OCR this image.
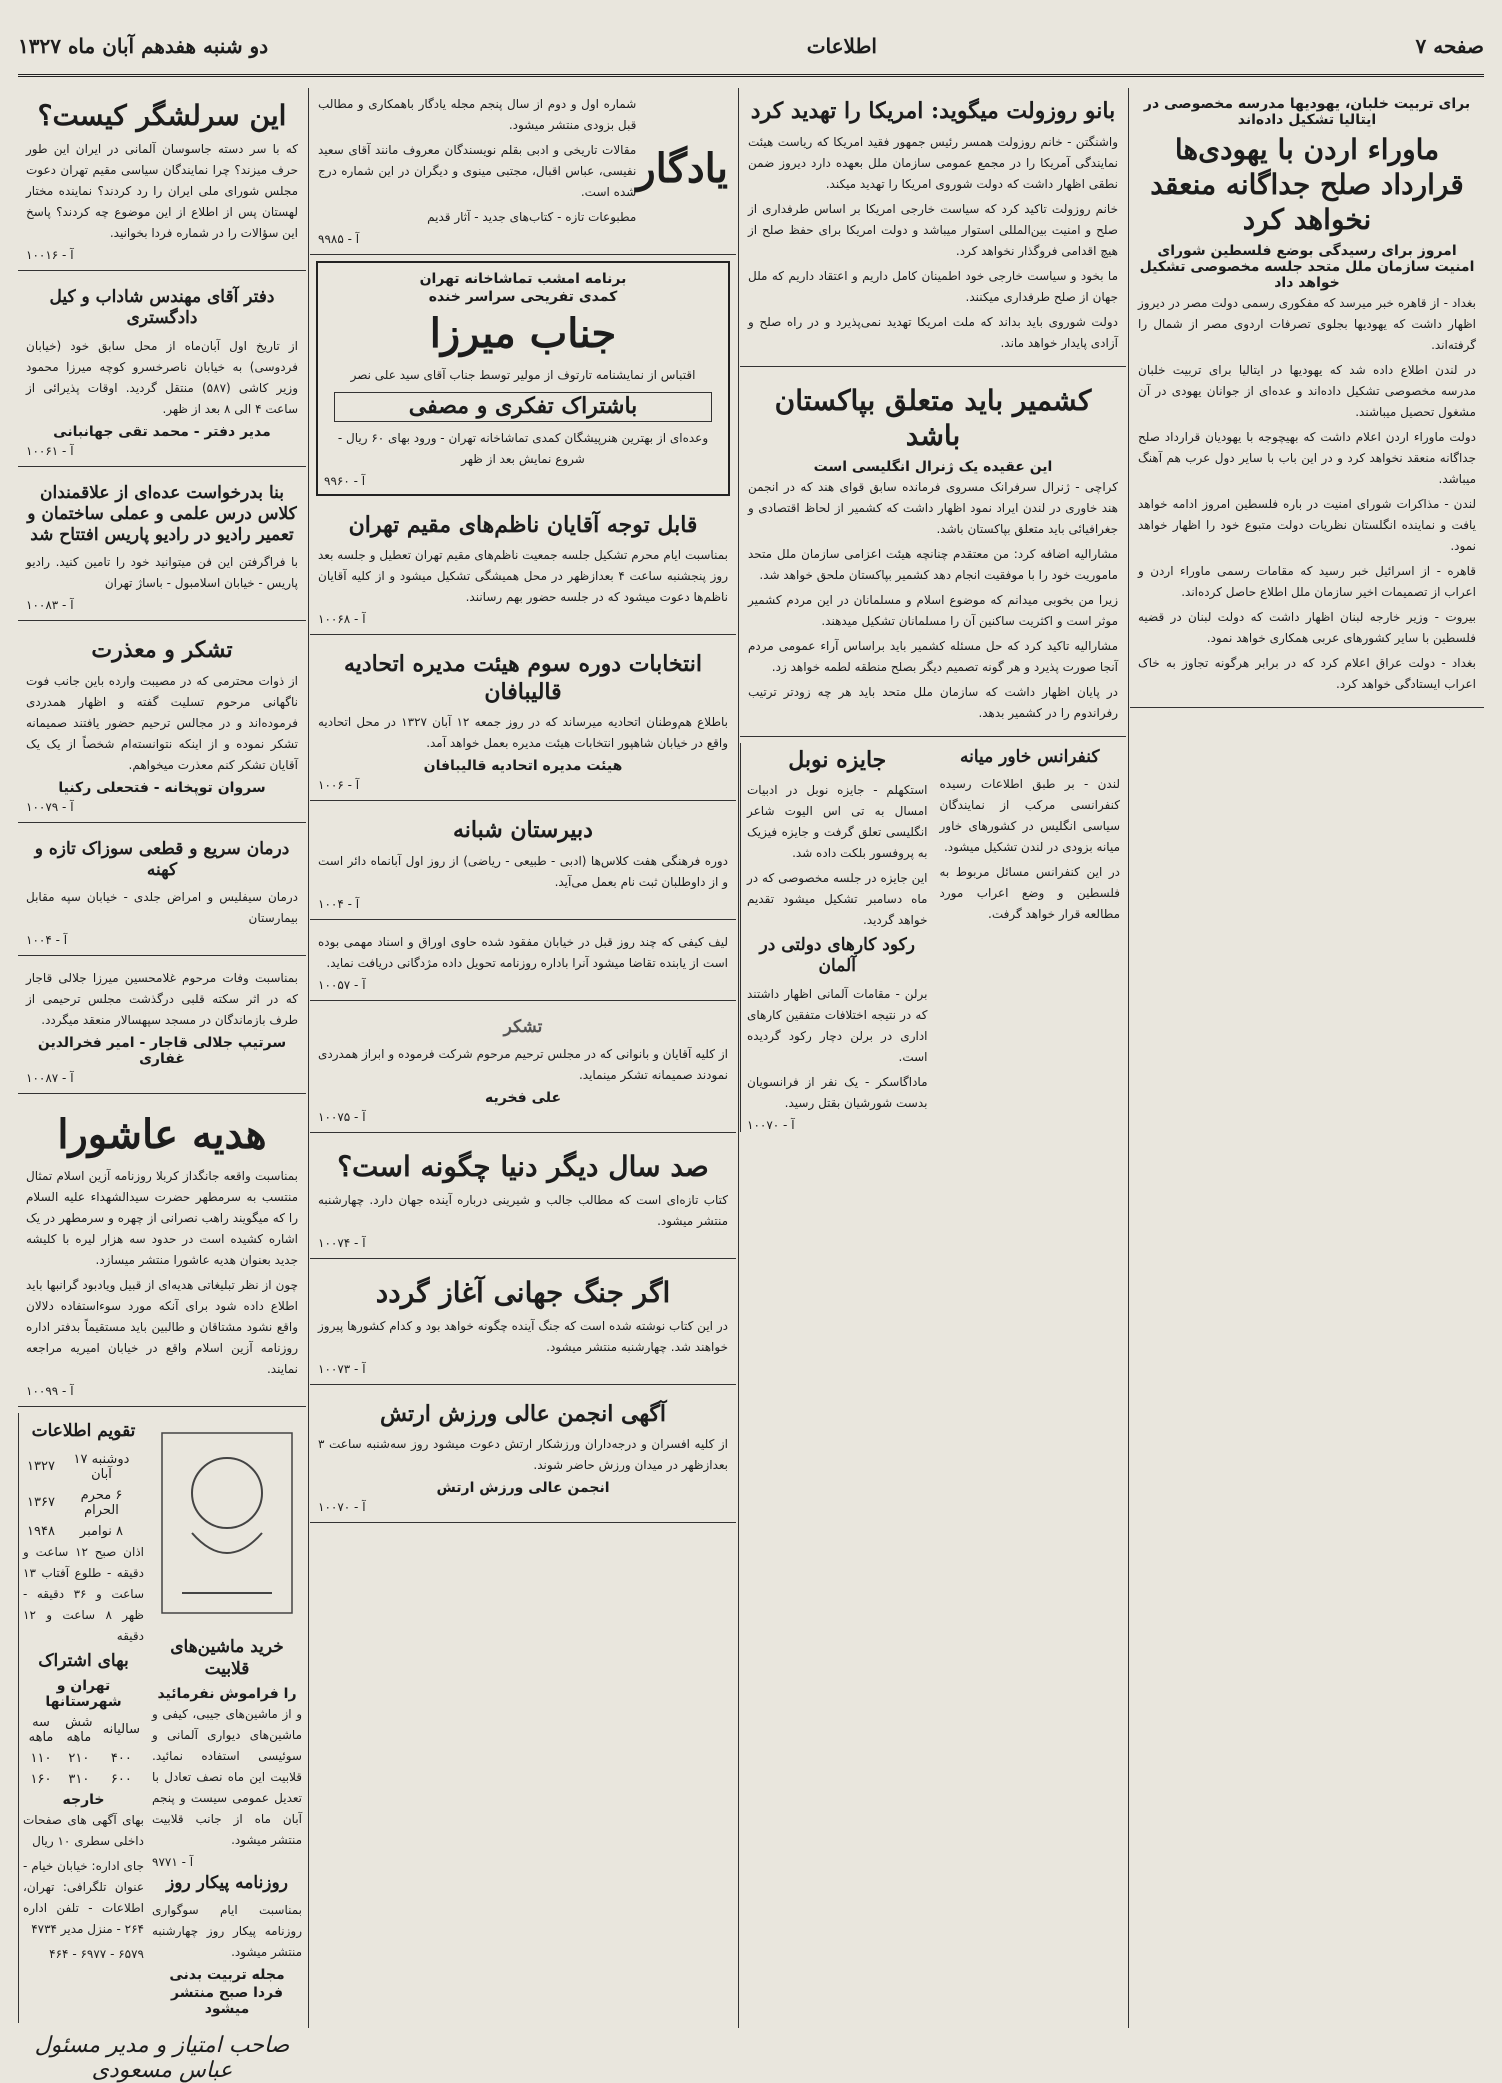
صفحه ۷
اطلاعات
دو شنبه هفدهم آبان ماه ۱۳۲۷
این سرلشگر کیست؟

که با سر دسته جاسوسان آلمانی در ایران این طور حرف میزند؟ چرا نمایندگان سیاسی مقیم تهران دعوت مجلس شورای ملی ایران را رد کردند؟ نماینده مختار لهستان پس از اطلاع از این موضوع چه کردند؟ پاسخ این سؤالات را در شماره فردا بخوانید.

آ - ۱۰۰۱۶
دفتر آقای مهندس شاداب و کیل دادگستری

از تاریخ اول آبان‌ماه از محل سابق خود (خیابان فردوسی) به خیابان ناصرخسرو کوچه میرزا محمود وزیر کاشی (۵۸۷) منتقل گردید. اوقات پذیرائی از ساعت ۴ الی ۸ بعد از ظهر.

مدیر دفتر - محمد تقی جهانبانی
آ - ۱۰۰۶۱
بنا بدرخواست عده‌ای از علاقمندان کلاس درس علمی و عملی ساختمان و تعمیر رادیو در رادیو پاریس افتتاح شد

با فراگرفتن این فن میتوانید خود را تامین کنید. رادیو پاریس - خیابان اسلامبول - باساژ تهران

آ - ۱۰۰۸۳
تشکر و معذرت

از ذوات محترمی که در مصیبت وارده باین جانب فوت ناگهانی مرحوم تسلیت گفته و اظهار همدردی فرموده‌اند و در مجالس ترحیم حضور یافتند صمیمانه تشکر نموده و از اینکه نتوانسته‌ام شخصاً از یک یک آقایان تشکر کنم معذرت میخواهم.

سروان توپخانه - فتحعلی رکنیا
آ - ۱۰۰۷۹
درمان سریع و قطعی سوزاک تازه و کهنه

درمان سیفلیس و امراض جلدی - خیابان سپه مقابل بیمارستان

آ - ۱۰۰۴

بمناسبت وفات مرحوم غلامحسین میرزا جلالی قاجار که در اثر سکته قلبی درگذشت مجلس ترحیمی از طرف بازماندگان در مسجد سپهسالار منعقد میگردد.

سرتیپ جلالی قاجار - امیر فخرالدین غفاری
آ - ۱۰۰۸۷
هدیه عاشورا

بمناسبت واقعه جانگداز کربلا روزنامه آزین اسلام تمثال منتسب به سرمطهر حضرت سیدالشهداء علیه السلام را که میگویند راهب نصرانی از چهره و سرمطهر در یک اشاره کشیده است در حدود سه هزار لیره با کلیشه جدید بعنوان هدیه عاشورا منتشر میسازد.

چون از نظر تبلیغاتی هدیه‌ای از قبیل ویادبود گرانبها باید اطلاع داده شود برای آنکه مورد سوءاستفاده دلالان واقع نشود مشتاقان و طالبین باید مستقیماً بدفتر اداره روزنامه آزین اسلام واقع در خیابان امیریه مراجعه نمایند.

آ - ۱۰۰۹۹
تقویم اطلاعات
دوشنبه ۱۷ آبان	۱۳۲۷
۶ محرم الحرام	۱۳۶۷
۸ نوامبر	۱۹۴۸

اذان صبح ۱۲ ساعت و دقیقه - طلوع آفتاب ۱۳ ساعت و ۳۶ دقیقه - ظهر ۸ ساعت و ۱۲ دقیقه

بهای اشتراک
تهران و شهرستانها
سالیانه	شش ماهه	سه ماهه
۴۰۰	۲۱۰	۱۱۰
۶۰۰	۳۱۰	۱۶۰
خارجه

بهای آگهی های صفحات داخلی سطری ۱۰ ریال

جای اداره: خیابان خیام - عنوان تلگرافی: تهران، اطلاعات - تلفن اداره ۲۶۴ - منزل مدیر ۴۷۳۴

۶۵۷۹ - ۶۹۷۷ - ۴۶۴

خرید ماشین‌های قلابیت
را فراموش نفرمائید

و از ماشین‌های جیبی، کیفی و ماشین‌های دیواری آلمانی و سوئیسی استفاده نمائید. قلابیت این ماه نصف تعادل با تعدیل عمومی سیست و پنجم آبان ماه از جانب قلابیت منتشر میشود.

آ - ۹۷۷۱
روزنامه پیکار روز

بمناسبت ایام سوگواری روزنامه پیکار روز چهارشنبه منتشر میشود.

مجله تربیت بدنی
فردا صبح منتشر میشود
صاحب امتیاز و مدیر مسئول عباس مسعودی
یادگار

شماره اول و دوم از سال پنجم مجله یادگار باهمکاری و مطالب قبل بزودی منتشر میشود.

مقالات تاریخی و ادبی بقلم نویسندگان معروف مانند آقای سعید نفیسی، عباس اقبال، مجتبی مینوی و دیگران در این شماره درج شده است.

مطبوعات تازه - کتاب‌های جدید - آثار قدیم

آ - ۹۹۸۵
برنامه امشب تماشاخانه تهران
کمدی تفریحی سراسر خنده
جناب میرزا

اقتباس از نمایشنامه تارتوف از مولیر توسط جناب آقای سید علی نصر

باشتراک تفکری و مصفی

وعده‌ای از بهترین هنرپیشگان کمدی تماشاخانه تهران - ورود بهای ۶۰ ریال - شروع نمایش بعد از ظهر

آ - ۹۹۶۰
قابل توجه آقایان ناظم‌های مقیم تهران

بمناسبت ایام محرم تشکیل جلسه جمعیت ناظم‌های مقیم تهران تعطیل و جلسه بعد روز پنجشنبه ساعت ۴ بعدازظهر در محل همیشگی تشکیل میشود و از کلیه آقایان ناظم‌ها دعوت میشود که در جلسه حضور بهم رسانند.

آ - ۱۰۰۶۸
انتخابات دوره سوم هیئت مدیره اتحادیه قالیبافان

باطلاع هم‌وطنان اتحادیه میرساند که در روز جمعه ۱۲ آبان ۱۳۲۷ در محل اتحادیه واقع در خیابان شاهپور انتخابات هیئت مدیره بعمل خواهد آمد.

هیئت مدیره اتحادیه قالیبافان
آ - ۱۰۰۶
دبیرستان شبانه

دوره فرهنگی هفت کلاس‌ها (ادبی - طبیعی - ریاضی) از روز اول آبانماه دائر است و از داوطلبان ثبت نام بعمل می‌آید.

آ - ۱۰۰۴

لیف کیفی که چند روز قبل در خیابان مفقود شده حاوی اوراق و اسناد مهمی بوده است از یابنده تقاضا میشود آنرا باداره روزنامه تحویل داده مژدگانی دریافت نماید.

آ - ۱۰۰۵۷
تشکر

از کلیه آقایان و بانوانی که در مجلس ترحیم مرحوم شرکت فرموده و ابراز همدردی نمودند صمیمانه تشکر مینماید.

علی فخریه
آ - ۱۰۰۷۵
صد سال دیگر دنیا چگونه است؟

کتاب تازه‌ای است که مطالب جالب و شیرینی درباره آینده جهان دارد. چهارشنبه منتشر میشود.

آ - ۱۰۰۷۴
اگر جنگ جهانی آغاز گردد

در این کتاب نوشته شده است که جنگ آینده چگونه خواهد بود و کدام کشورها پیروز خواهند شد. چهارشنبه منتشر میشود.

آ - ۱۰۰۷۳
آگهی انجمن عالی ورزش ارتش

از کلیه افسران و درجه‌داران ورزشکار ارتش دعوت میشود روز سه‌شنبه ساعت ۳ بعدازظهر در میدان ورزش حاضر شوند.

انجمن عالی ورزش ارتش
آ - ۱۰۰۷۰
بانو روزولت میگوید: امریکا را تهدید کرد

واشنگتن - خانم روزولت همسر رئیس جمهور فقید امریکا که ریاست هیئت نمایندگی آمریکا را در مجمع عمومی سازمان ملل بعهده دارد دیروز ضمن نطقی اظهار داشت که دولت شوروی امریکا را تهدید میکند.

خانم روزولت تاکید کرد که سیاست خارجی امریکا بر اساس طرفداری از صلح و امنیت بین‌المللی استوار میباشد و دولت امریکا برای حفظ صلح از هیچ اقدامی فروگذار نخواهد کرد.

ما بخود و سیاست خارجی خود اطمینان کامل داریم و اعتقاد داریم که ملل جهان از صلح طرفداری میکنند.

دولت شوروی باید بداند که ملت امریکا تهدید نمی‌پذیرد و در راه صلح و آزادی پایدار خواهد ماند.

کشمیر باید متعلق بپاکستان باشد
این عقیده یک ژنرال انگلیسی است

کراچی - ژنرال سرفرانک مسروی فرمانده سابق قوای هند که در انجمن هند خاوری در لندن ایراد نمود اظهار داشت که کشمیر از لحاظ اقتصادی و جغرافیائی باید متعلق بپاکستان باشد.

مشارالیه اضافه کرد: من معتقدم چنانچه هیئت اعزامی سازمان ملل متحد ماموریت خود را با موفقیت انجام دهد کشمیر بپاکستان ملحق خواهد شد.

زیرا من بخوبی میدانم که موضوع اسلام و مسلمانان در این مردم کشمیر موثر است و اکثریت ساکنین آن را مسلمانان تشکیل میدهند.

مشارالیه تاکید کرد که حل مسئله کشمیر باید براساس آراء عمومی مردم آنجا صورت پذیرد و هر گونه تصمیم دیگر بصلح منطقه لطمه خواهد زد.

در پایان اظهار داشت که سازمان ملل متحد باید هر چه زودتر ترتیب رفراندوم را در کشمیر بدهد.

جایزه نوبل

استکهلم - جایزه نوبل در ادبیات امسال به تی اس الیوت شاعر انگلیسی تعلق گرفت و جایزه فیزیک به پروفسور بلکت داده شد.

این جایزه در جلسه مخصوصی که در ماه دسامبر تشکیل میشود تقدیم خواهد گردید.

رکود کارهای دولتی در آلمان

برلن - مقامات آلمانی اظهار داشتند که در نتیجه اختلافات متفقین کارهای اداری در برلن دچار رکود گردیده است.

ماداگاسکر - یک نفر از فرانسویان بدست شورشیان بقتل رسید.

آ - ۱۰۰۷۰
کنفرانس خاور میانه

لندن - بر طبق اطلاعات رسیده کنفرانسی مرکب از نمایندگان سیاسی انگلیس در کشورهای خاور میانه بزودی در لندن تشکیل میشود.

در این کنفرانس مسائل مربوط به فلسطین و وضع اعراب مورد مطالعه قرار خواهد گرفت.

برای تربیت خلبان، یهودیها مدرسه مخصوصی در ایتالیا تشکیل داده‌اند
ماوراء اردن با یهودی‌ها قرارداد صلح جداگانه منعقد نخواهد کرد
امروز برای رسیدگی بوضع فلسطین شورای امنیت سازمان ملل متحد جلسه مخصوصی تشکیل خواهد داد

بغداد - از قاهره خبر میرسد که مفکوری رسمی دولت مصر در دیروز اظهار داشت که یهودیها بجلوی تصرفات اردوی مصر از شمال را گرفته‌اند.

در لندن اطلاع داده شد که یهودیها در ایتالیا برای تربیت خلبان مدرسه مخصوصی تشکیل داده‌اند و عده‌ای از جوانان یهودی در آن مشغول تحصیل میباشند.

دولت ماوراء اردن اعلام داشت که بهیچوجه با یهودیان قرارداد صلح جداگانه منعقد نخواهد کرد و در این باب با سایر دول عرب هم آهنگ میباشد.

لندن - مذاکرات شورای امنیت در باره فلسطین امروز ادامه خواهد یافت و نماینده انگلستان نظریات دولت متبوع خود را اظهار خواهد نمود.

قاهره - از اسرائیل خبر رسید که مقامات رسمی ماوراء اردن و اعراب از تصمیمات اخیر سازمان ملل اطلاع حاصل کرده‌اند.

بیروت - وزیر خارجه لبنان اظهار داشت که دولت لبنان در قضیه فلسطین با سایر کشورهای عربی همکاری خواهد نمود.

بغداد - دولت عراق اعلام کرد که در برابر هرگونه تجاوز به خاک اعراب ایستادگی خواهد کرد.
